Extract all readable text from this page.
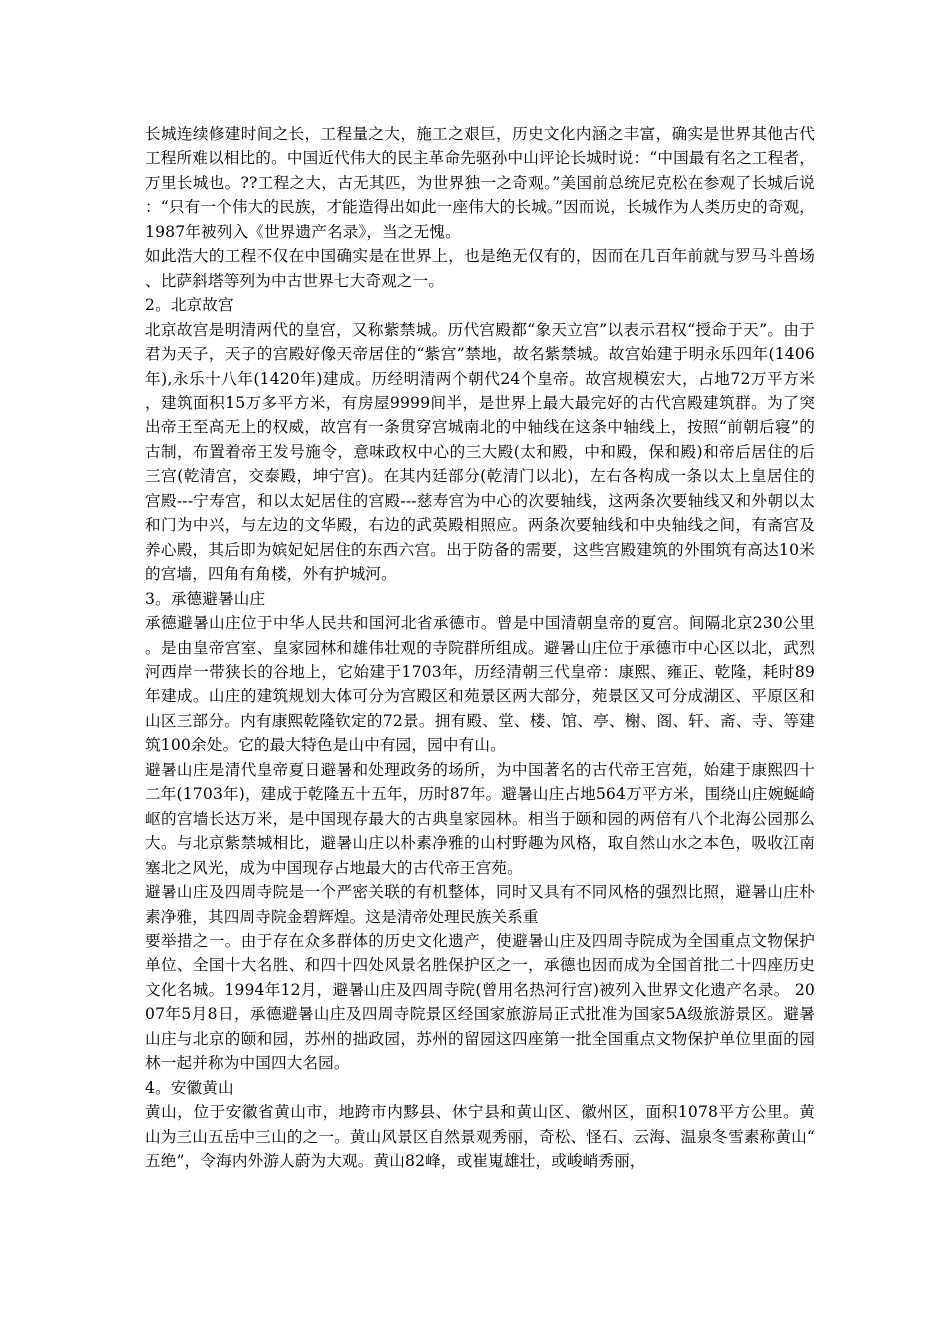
长城连续修建时间之长，工程量之大，施工之艰巨，历史文化内涵之丰富，确实是世界其他古代工程所难以相比的。中国近代伟大的民主革命先驱孙中山评论长城时说：“中国最有名之工程者，万里长城也。??工程之大，古无其匹，为世界独一之奇观。”美国前总统尼克松在参观了长城后说：“只有一个伟大的民族，才能造得出如此一座伟大的长城。”因而说，长城作为人类历史的奇观，1987年被列入《世界遗产名录》，当之无愧。

如此浩大的工程不仅在中国确实是在世界上，也是绝无仅有的，因而在几百年前就与罗马斗兽场、比萨斜塔等列为中古世界七大奇观之一。

2。北京故宫

北京故宫是明清两代的皇宫，又称紫禁城。历代宫殿都“象天立宫”以表示君权“授命于天”。由于君为天子，天子的宫殿好像天帝居住的“紫宫”禁地，故名紫禁城。故宫始建于明永乐四年(1406年),永乐十八年(1420年)建成。历经明清两个朝代24个皇帝。故宫规模宏大，占地72万平方米，建筑面积15万多平方米，有房屋9999间半，是世界上最大最完好的古代宫殿建筑群。为了突出帝王至高无上的权威，故宫有一条贯穿宫城南北的中轴线在这条中轴线上，按照“前朝后寝”的古制，布置着帝王发号施令，意味政权中心的三大殿(太和殿，中和殿，保和殿)和帝后居住的后三宫(乾清宫，交泰殿，坤宁宫)。在其内廷部分(乾清门以北)，左右各构成一条以太上皇居住的宫殿---宁寿宫，和以太妃居住的宫殿---慈寿宫为中心的次要轴线，这两条次要轴线又和外朝以太和门为中兴，与左边的文华殿，右边的武英殿相照应。两条次要轴线和中央轴线之间，有斋宫及养心殿，其后即为嫔妃妃居住的东西六宫。出于防备的需要，这些宫殿建筑的外围筑有高达10米的宫墙，四角有角楼，外有护城河。

3。承德避暑山庄

承德避暑山庄位于中华人民共和国河北省承德市。曾是中国清朝皇帝的夏宫。间隔北京230公里。是由皇帝宫室、皇家园林和雄伟壮观的寺院群所组成。避暑山庄位于承德市中心区以北，武烈河西岸一带狭长的谷地上，它始建于1703年，历经清朝三代皇帝：康熙、雍正、乾隆，耗时89年建成。山庄的建筑规划大体可分为宫殿区和苑景区两大部分，苑景区又可分成湖区、平原区和山区三部分。内有康熙乾隆钦定的72景。拥有殿、堂、楼、馆、亭、榭、阁、轩、斋、寺、等建筑100余处。它的最大特色是山中有园，园中有山。

避暑山庄是清代皇帝夏日避暑和处理政务的场所，为中国著名的古代帝王宫苑，始建于康熙四十二年(1703年)，建成于乾隆五十五年，历时87年。避暑山庄占地564万平方米，围绕山庄婉蜒崎岖的宫墙长达万米，是中国现存最大的古典皇家园林。相当于颐和园的两倍有八个北海公园那么大。与北京紫禁城相比，避暑山庄以朴素净雅的山村野趣为风格，取自然山水之本色，吸收江南塞北之风光，成为中国现存占地最大的古代帝王宫苑。

避暑山庄及四周寺院是一个严密关联的有机整体，同时又具有不同风格的强烈比照，避暑山庄朴素净雅，其四周寺院金碧辉煌。这是清帝处理民族关系重

要举措之一。由于存在众多群体的历史文化遗产，使避暑山庄及四周寺院成为全国重点文物保护单位、全国十大名胜、和四十四处风景名胜保护区之一，承德也因而成为全国首批二十四座历史文化名城。1994年12月，避暑山庄及四周寺院(曾用名热河行宫)被列入世界文化遗产名录。 2007年5月8日，承德避暑山庄及四周寺院景区经国家旅游局正式批准为国家5A级旅游景区。避暑山庄与北京的颐和园，苏州的拙政园，苏州的留园这四座第一批全国重点文物保护单位里面的园林一起并称为中国四大名园。

4。安徽黄山

黄山，位于安徽省黄山市，地跨市内黟县、休宁县和黄山区、徽州区，面积1078平方公里。黄山为三山五岳中三山的之一。黄山风景区自然景观秀丽，奇松、怪石、云海、温泉冬雪素称黄山“五绝”，令海内外游人蔚为大观。黄山82峰，或崔嵬雄壮，或峻峭秀丽，
